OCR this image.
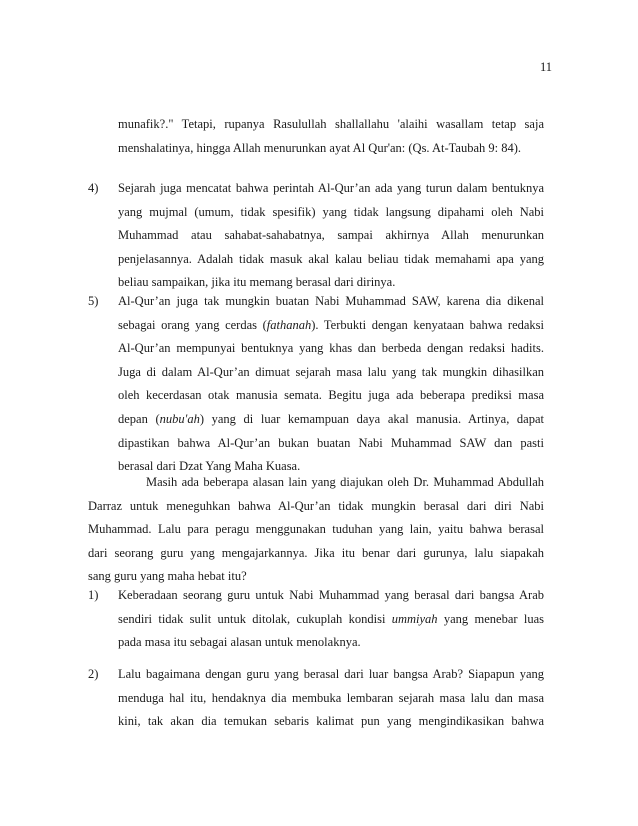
11
munafik?." Tetapi, rupanya Rasulullah shallallahu 'alaihi wasallam tetap saja
menshalatinya, hingga Allah menurunkan ayat Al Qur'an: (Qs. At-Taubah 9: 84).
4) Sejarah juga mencatat bahwa perintah Al-Qur’an ada yang turun dalam bentuknya
yang mujmal (umum, tidak spesifik) yang tidak langsung dipahami oleh Nabi
Muhammad atau sahabat-sahabatnya, sampai akhirnya Allah menurunkan
penjelasannya. Adalah tidak masuk akal kalau beliau tidak memahami apa yang
beliau sampaikan, jika itu memang berasal dari dirinya.
5) Al-Qur’an juga tak mungkin buatan Nabi Muhammad SAW, karena dia dikenal
sebagai orang yang cerdas (fathanah). Terbukti dengan kenyataan bahwa redaksi
Al-Qur’an mempunyai bentuknya yang khas dan berbeda dengan redaksi hadits.
Juga di dalam Al-Qur’an dimuat sejarah masa lalu yang tak mungkin dihasilkan
oleh kecerdasan otak manusia semata. Begitu juga ada beberapa prediksi masa
depan (nubu'ah) yang di luar kemampuan daya akal manusia. Artinya, dapat
dipastikan bahwa Al-Qur’an bukan buatan Nabi Muhammad SAW dan pasti
berasal dari Dzat Yang Maha Kuasa.
Masih ada beberapa alasan lain yang diajukan oleh Dr. Muhammad Abdullah
Darraz untuk meneguhkan bahwa Al-Qur’an tidak mungkin berasal dari diri Nabi
Muhammad. Lalu para peragu menggunakan tuduhan yang lain, yaitu bahwa berasal
dari seorang guru yang mengajarkannya. Jika itu benar dari gurunya, lalu siapakah
sang guru yang maha hebat itu?
1) Keberadaan seorang guru untuk Nabi Muhammad yang berasal dari bangsa Arab
sendiri tidak sulit untuk ditolak, cukuplah kondisi ummiyah yang menebar luas
pada masa itu sebagai alasan untuk menolaknya.
2) Lalu bagaimana dengan guru yang berasal dari luar bangsa Arab? Siapapun yang
menduga hal itu, hendaknya dia membuka lembaran sejarah masa lalu dan masa
kini, tak akan dia temukan sebaris kalimat pun yang mengindikasikan bahwa
